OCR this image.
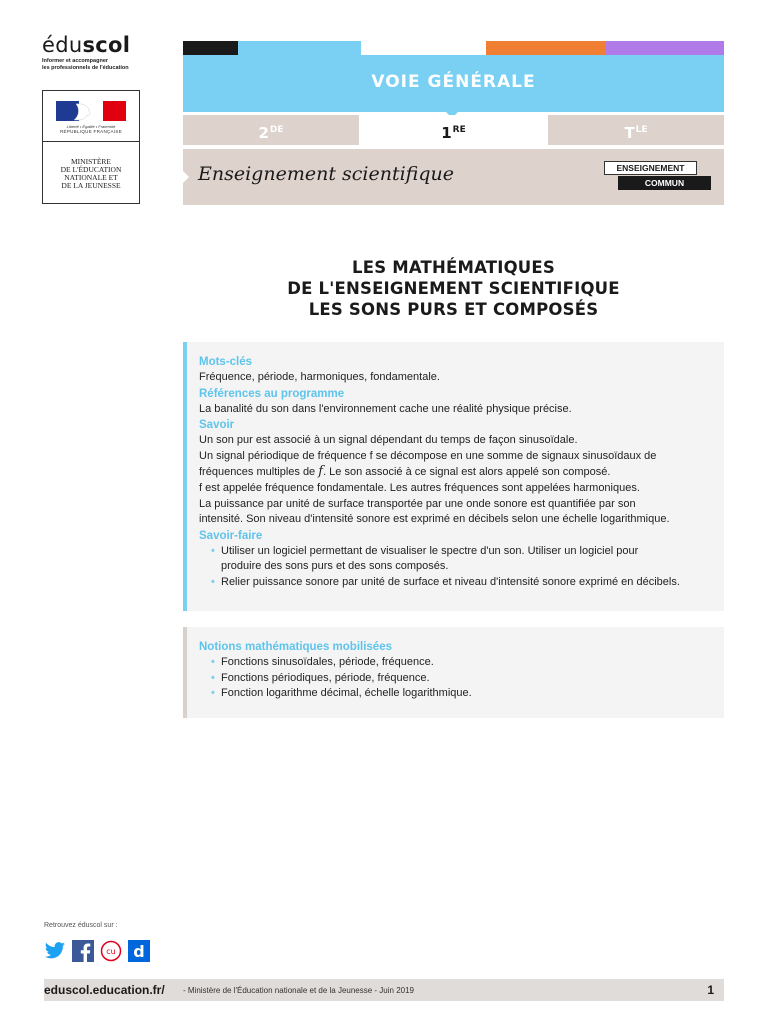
éduscol
Informer et accompagner
les professionnels de l'éducation
Liberté • Égalité • Fraternité
RÉPUBLIQUE FRANÇAISE
MINISTÈRE
DE L'ÉDUCATION
NATIONALE ET
DE LA JEUNESSE
VOIE GÉNÉRALE
2DE	1RE	$T^{LE}$
Enseignement scientifique	ENSEIGNEMENT
COMMUN
LES MATHÉMATIQUES
DE L'ENSEIGNEMENT SCIENTIFIQUE
LES SONS PURS ET COMPOSÉS
Mots-clés
Fréquence, période, harmoniques, fondamentale.
Références au programme
La banalité du son dans l'environnement cache une réalité physique précise.
Savoir
Un son pur est associé à un signal dépendant du temps de façon sinusoïdale.
Un signal périodique de fréquence f se décompose en une somme de signaux sinusoïdaux de
fréquences multiples de f. Le son associé à ce signal est alors appelé son composé.
f est appelée fréquence fondamentale. Les autres fréquences sont appelées harmoniques.
La puissance par unité de surface transportée par une onde sonore est quantifiée par son
intensité. Son niveau d'intensité sonore est exprimé en décibels selon une échelle logarithmique.
Savoir-faire
• Utiliser un logiciel permettant de visualiser le spectre d'un son. Utiliser un logiciel pour
produire des sons purs et des sons composés.
• Relier puissance sonore par unité de surface et niveau d'intensité sonore exprimé en décibels.
Notions mathématiques mobilisées
• Fonctions sinusoïdales, période, fréquence.
• Fonctions périodiques, période, fréquence.
• Fonction logarithme décimal, échelle logarithmique.
Retrouvez éduscol sur :
cu d
eduscol.education.fr/ - Ministère de l'Éducation nationale et de la Jeunesse - Juin 2019	1
